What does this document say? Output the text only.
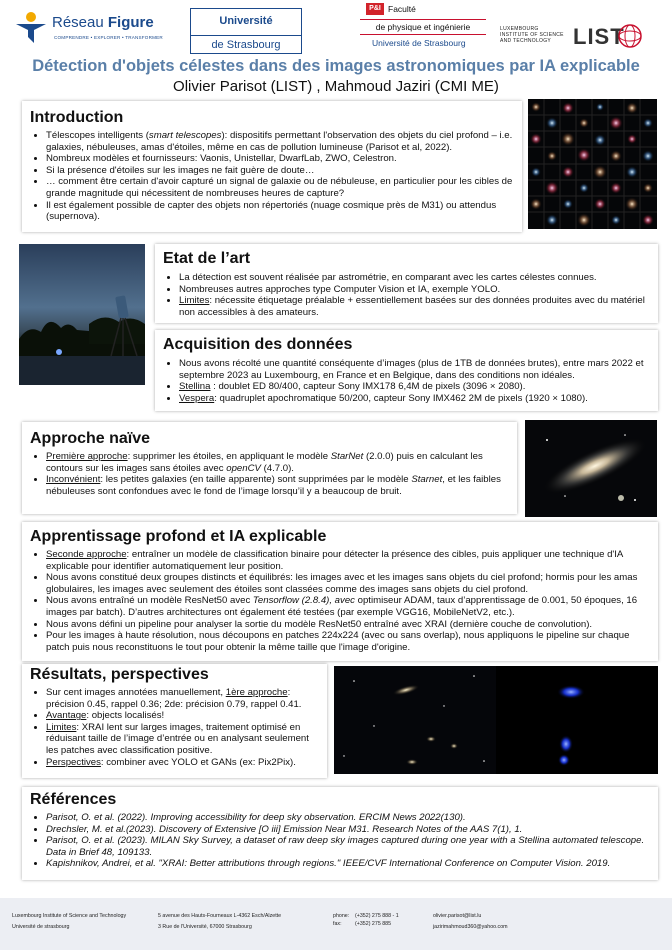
Réseau Figure
COMPRENDRE • EXPLORER • TRANSFORMER
Université
de Strasbourg
P&I Faculté
de physique et ingénierie
Université de Strasbourg
LUXEMBOURG
INSTITUTE OF SCIENCE
AND TECHNOLOGY LIST
Détection d'objets célestes dans des images astronomiques par IA explicable
Olivier Parisot (LIST) , Mahmoud Jaziri (CMI ME)
Introduction
• Télescopes intelligents (smart telescopes): dispositifs permettant l'observation des objets du ciel profond – i.e. galaxies, nébuleuses, amas d'étoiles, même en cas de pollution lumineuse (Parisot et al, 2022).
• Nombreux modèles et fournisseurs: Vaonis, Unistellar, DwarfLab, ZWO, Celestron.
• Si la présence d'étoiles sur les images ne fait guère de doute…
• … comment être certain d'avoir capturé un signal de galaxie ou de nébuleuse, en particulier pour les cibles de grande magnitude qui nécessitent de nombreuses heures de capture?
• Il est également possible de capter des objets non répertoriés (nuage cosmique près de M31) ou attendus (supernova).
Etat de l’art
• La détection est souvent réalisée par astrométrie, en comparant avec les cartes célestes connues.
• Nombreuses autres approches type Computer Vision et IA, exemple YOLO.
• Limites: nécessite étiquetage préalable + essentiellement basées sur des données produites avec du matériel non accessibles à des amateurs.
Acquisition des données
• Nous avons récolté une quantité conséquente d’images (plus de 1TB de données brutes), entre mars 2022 et septembre 2023 au Luxembourg, en France et en Belgique, dans des conditions non idéales.
• Stellina : doublet ED 80/400, capteur Sony IMX178 6,4M de pixels (3096 × 2080).
• Vespera: quadruplet apochromatique 50/200, capteur Sony IMX462 2M de pixels (1920 × 1080).
Approche naïve
• Première approche: supprimer les étoiles, en appliquant le modèle StarNet (2.0.0) puis en calculant les contours sur les images sans étoiles avec openCV (4.7.0).
• Inconvénient: les petites galaxies (en taille apparente) sont supprimées par le modèle Starnet, et les faibles nébuleuses sont confondues avec le fond de l’image lorsqu’il y a beaucoup de bruit.
Apprentissage profond et IA explicable
• Seconde approche: entraîner un modèle de classification binaire pour détecter la présence des cibles, puis appliquer une technique d'IA explicable pour identifier automatiquement leur position.
• Nous avons constitué deux groupes distincts et équilibrés: les images avec et les images sans objets du ciel profond; hormis pour les amas globulaires, les images avec seulement des étoiles sont classées comme des images sans objets du ciel profond.
• Nous avons entraîné un modèle ResNet50 avec Tensorflow (2.8.4), avec optimiseur ADAM, taux d’apprentissage de 0.001, 50 époques, 16 images par batch). D’autres architectures ont également été testées (par exemple VGG16, MobileNetV2, etc.).
• Nous avons défini un pipeline pour analyser la sortie du modèle ResNet50 entraîné avec XRAI (dernière couche de convolution).
• Pour les images à haute résolution, nous découpons en patches 224x224 (avec ou sans overlap), nous appliquons le pipeline sur chaque patch puis nous reconstituons le tout pour obtenir la même taille que l'image d'origine.
Résultats, perspectives
• Sur cent images annotées manuellement, 1ère approche: précision 0.45, rappel 0.36; 2de: précision 0.79, rappel 0.41.
• Avantage: objects localisés!
• Limites: XRAI lent sur larges images, traitement optimisé en réduisant taille de l’image d’entrée ou en analysant seulement les patches avec classification positive.
• Perspectives: combiner avec YOLO et GANs (ex: Pix2Pix).
Références
• Parisot, O. et al. (2022). Improving accessibility for deep sky observation. ERCIM News 2022(130).
• Drechsler, M. et al.(2023). Discovery of Extensive [O iii] Emission Near M31. Research Notes of the AAS 7(1), 1.
• Parisot, O. et al. (2023). MILAN Sky Survey, a dataset of raw deep sky images captured during one year with a Stellina automated telescope. Data in Brief 48, 109133.
• Kapishnikov, Andrei, et al. "XRAI: Better attributions through regions." IEEE/CVF International Conference on Computer Vision. 2019.
Luxembourg Institute of Science and Technology
Université de strasbourg
5 avenue des Hauts-Fourneaux L-4362 Esch/Alzette
3 Rue de l'Université, 67000 Strasbourg
phone: (+352) 275 888 - 1
fax:	(+352) 275 885
olivier.parisot@list.lu
jazirimahmoud360@yahoo.com
